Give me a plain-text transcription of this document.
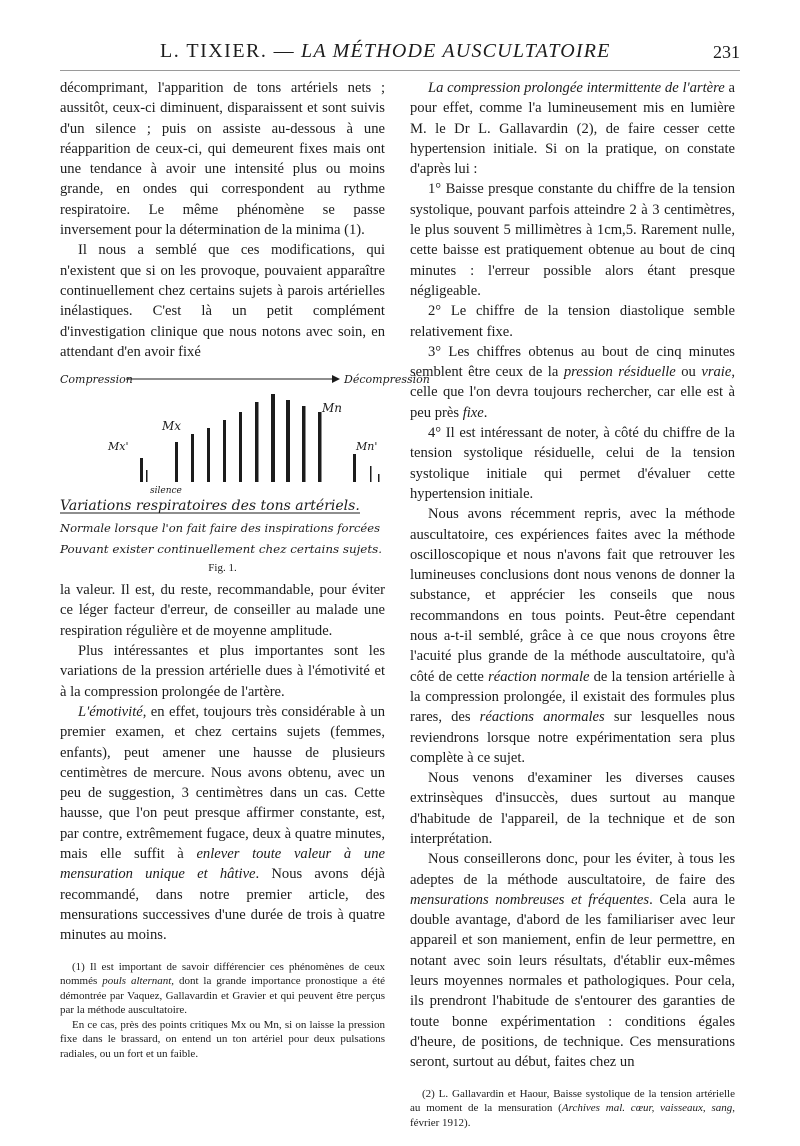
L. TIXIER. — LA MÉTHODE AUSCULTATOIRE	231

décomprimant, l'apparition de tons artériels nets ; aussitôt, ceux-ci diminuent, disparaissent et sont suivis d'un silence ; puis on assiste au-dessous à une réapparition de ceux-ci, qui demeurent fixes mais ont une tendance à avoir une intensité plus ou moins grande, en ondes qui correspondent au rythme respiratoire. Le même phénomène se passe inversement pour la détermination de la minima (1).

Il nous a semblé que ces modifications, qui n'existent que si on les provoque, pouvaient apparaître continuellement chez certains sujets à parois artérielles inélastiques. C'est là un petit complément d'investigation clinique que nous notons avec soin, en attendant d'en avoir fixé

Compression	Décompression
Mx'
Mx
Mn
Mn'
silence
Variations respiratoires des tons artériels.
Normale lorsque l'on fait faire des inspirations forcées
Pouvant exister continuellement chez certains sujets.
Fig. 1.

la valeur. Il est, du reste, recommandable, pour éviter ce léger facteur d'erreur, de conseiller au malade une respiration régulière et de moyenne amplitude.

Plus intéressantes et plus importantes sont les variations de la pression artérielle dues à l'émotivité et à la compression prolongée de l'artère.

L'émotivité, en effet, toujours très considérable à un premier examen, et chez certains sujets (femmes, enfants), peut amener une hausse de plusieurs centimètres de mercure. Nous avons obtenu, avec un peu de suggestion, 3 centimètres dans un cas. Cette hausse, que l'on peut presque affirmer constante, est, par contre, extrêmement fugace, deux à quatre minutes, mais elle suffit à enlever toute valeur à une mensuration unique et hâtive. Nous avons déjà recommandé, dans notre premier article, des mensurations successives d'une durée de trois à quatre minutes au moins.

(1) Il est important de savoir différencier ces phénomènes de ceux nommés pouls alternant, dont la grande importance pronostique a été démontrée par Vaquez, Gallavardin et Gravier et qui peuvent être perçus par la méthode auscultatoire.

En ce cas, près des points critiques Mx ou Mn, si on laisse la pression fixe dans le brassard, on entend un ton artériel pour deux pulsations radiales, ou un fort et un faible.

La compression prolongée intermittente de l'artère a pour effet, comme l'a lumineusement mis en lumière M. le Dr L. Gallavardin (2), de faire cesser cette hypertension initiale. Si on la pratique, on constate d'après lui :

1° Baisse presque constante du chiffre de la tension systolique, pouvant parfois atteindre 2 à 3 centimètres, le plus souvent 5 millimètres à 1cm,5. Rarement nulle, cette baisse est pratiquement obtenue au bout de cinq minutes : l'erreur possible alors étant presque négligeable.

2° Le chiffre de la tension diastolique semble relativement fixe.

3° Les chiffres obtenus au bout de cinq minutes semblent être ceux de la pression résiduelle ou vraie, celle que l'on devra toujours rechercher, car elle est à peu près fixe.

4° Il est intéressant de noter, à côté du chiffre de la tension systolique résiduelle, celui de la tension systolique initiale qui permet d'évaluer cette hypertension initiale.

Nous avons récemment repris, avec la méthode auscultatoire, ces expériences faites avec la méthode oscilloscopique et nous n'avons fait que retrouver les lumineuses conclusions dont nous venons de donner la substance, et apprécier les conseils que nous recommandons en tous points. Peut-être cependant nous a-t-il semblé, grâce à ce que nous croyons être l'acuité plus grande de la méthode auscultatoire, qu'à côté de cette réaction normale de la tension artérielle à la compression prolongée, il existait des formules plus rares, des réactions anormales sur lesquelles nous reviendrons lorsque notre expérimentation sera plus complète à ce sujet.

Nous venons d'examiner les diverses causes extrinsèques d'insuccès, dues surtout au manque d'habitude de l'appareil, de la technique et de son interprétation.

Nous conseillerons donc, pour les éviter, à tous les adeptes de la méthode auscultatoire, de faire des mensurations nombreuses et fréquentes. Cela aura le double avantage, d'abord de les familiariser avec leur appareil et son maniement, enfin de leur permettre, en notant avec soin leurs résultats, d'établir eux-mêmes leurs moyennes normales et pathologiques. Pour cela, ils prendront l'habitude de s'entourer des garanties de toute bonne expérimentation : conditions égales d'heure, de positions, de technique. Ces mensurations seront, surtout au début, faites chez un

(2) L. Gallavardin et Haour, Baisse systolique de la tension artérielle au moment de la mensuration (Archives mal. cœur, vaisseaux, sang, février 1912).
